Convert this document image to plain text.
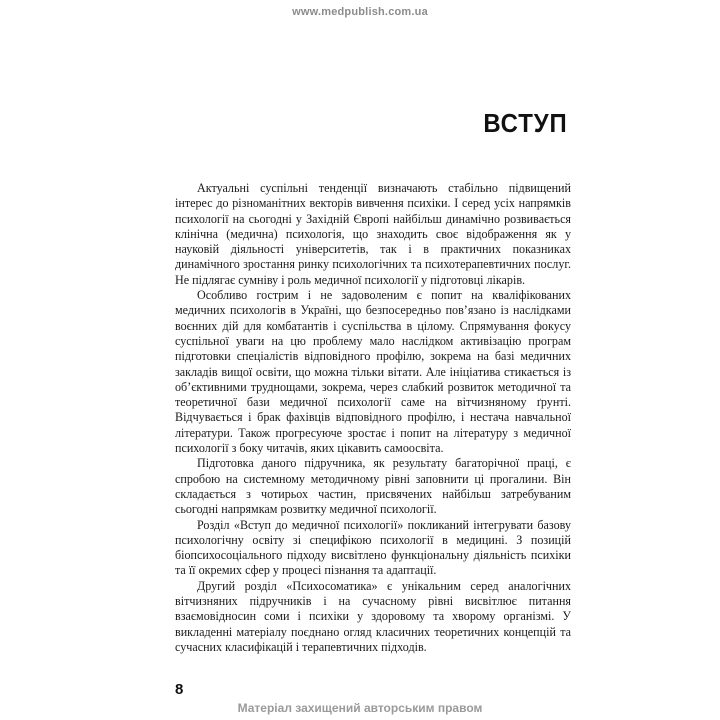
www.medpublish.com.ua
ВСТУП

Актуальні суспільні тенденції визначають стабільно підвищений інтерес до різноманітних векторів вивчення психіки. І серед усіх напрямків психології на сьогодні у Західній Європі найбільш динамічно розвивається клінічна (медична) психологія, що знаходить своє відображення як у науковій діяльності університетів, так і в практичних показниках динамічного зростання ринку психологічних та психотерапевтичних послуг. Не підлягає сумніву і роль медичної психології у підготовці лікарів.

Особливо гострим і не задоволеним є попит на кваліфікованих медичних психологів в Україні, що безпосередньо пов’язано із наслідками воєнних дій для комбатантів і суспільства в цілому. Спрямування фокусу суспільної уваги на цю проблему мало наслідком активізацію програм підготовки спеціалістів відповідного профілю, зокрема на базі медичних закладів вищої освіти, що можна тільки вітати. Але ініціатива стикається із об’єктивними труднощами, зокрема, через слабкий розвиток методичної та теоретичної бази медичної психології саме на вітчизняному ґрунті. Відчувається і брак фахівців відповідного профілю, і нестача навчальної літератури. Також прогресуюче зростає і попит на літературу з медичної психології з боку читачів, яких цікавить самоосвіта.

Підготовка даного підручника, як результату багаторічної праці, є спробою на системному методичному рівні заповнити ці прогалини. Він складається з чотирьох частин, присвячених найбільш затребуваним сьогодні напрямкам розвитку медичної психології.

Розділ «Вступ до медичної психології» покликаний інтегрувати базову психологічну освіту зі специфікою психології в медицині. З позицій біопсихосоціального підходу висвітлено функціональну діяльність психіки та її окремих сфер у процесі пізнання та адаптації.

Другий розділ «Психосоматика» є унікальним серед аналогічних вітчизняних підручників і на сучасному рівні висвітлює питання взаємовідносин соми і психіки у здоровому та хворому організмі. У викладенні матеріалу поєднано огляд класичних теоретичних концепцій та сучасних класифікацій і терапевтичних підходів.

8
Матеріал захищений авторським правом
